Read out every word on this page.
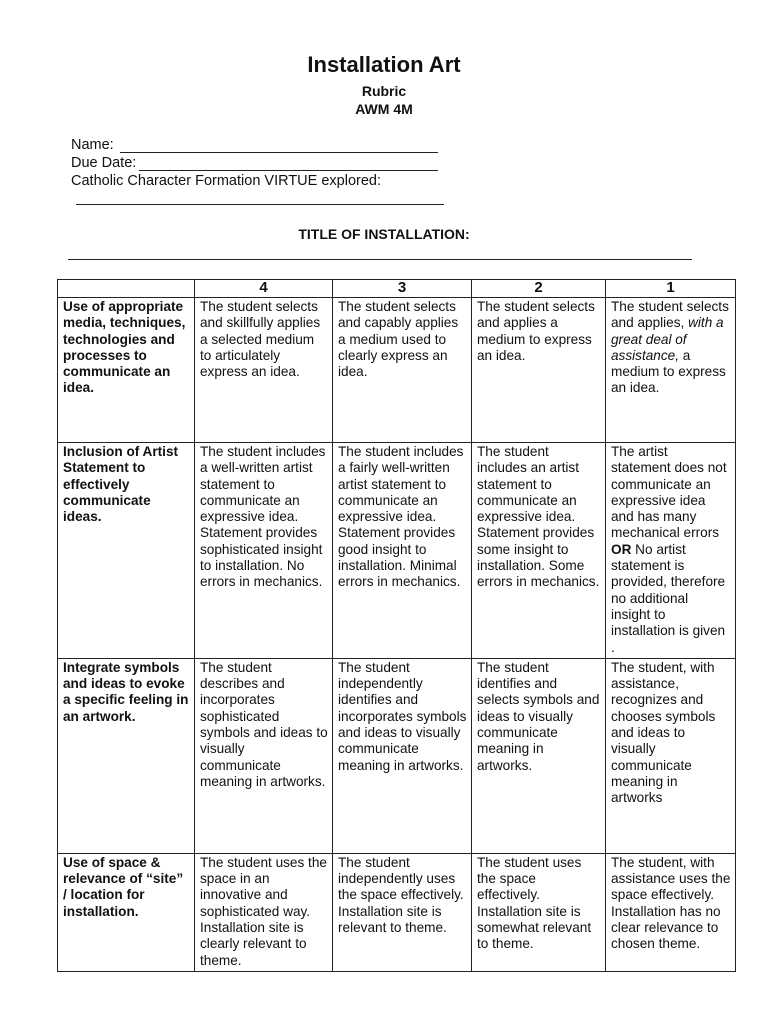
Installation Art
Rubric
AWM 4M
Name:
Due Date:
Catholic Character Formation VIRTUE explored:
TITLE OF INSTALLATION:
	4	3	2	1
Use of appropriate media, techniques, technologies and processes to communicate an idea.	The student selects and skillfully applies a selected medium to articulately express an idea.	The student selects and capably applies a medium used to clearly express an idea.	The student selects and applies a medium to express an idea.	The student selects and applies, with a great deal of assistance, a medium to express an idea.
Inclusion of Artist Statement to effectively communicate ideas.	The student includes a well-written artist statement to communicate an expressive idea. Statement provides sophisticated insight to installation. No errors in mechanics.	The student includes a fairly well-written artist statement to communicate an expressive idea. Statement provides good insight to installation. Minimal errors in mechanics.	The student includes an artist statement to communicate an expressive idea. Statement provides some insight to installation. Some errors in mechanics.	The artist statement does not communicate an expressive idea and has many mechanical errors OR No artist statement is provided, therefore no additional insight to installation is given .
Integrate symbols and ideas to evoke a specific feeling in an artwork.	The student describes and incorporates sophisticated symbols and ideas to visually communicate meaning in artworks.	The student independently identifies and incorporates symbols and ideas to visually communicate meaning in artworks.	The student identifies and selects symbols and ideas to visually communicate meaning in artworks.	The student, with assistance, recognizes and chooses symbols and ideas to visually communicate meaning in artworks
Use of space & relevance of “site” / location for installation.	The student uses the space in an innovative and sophisticated way. Installation site is clearly relevant to theme.	The student independently uses the space effectively. Installation site is relevant to theme.	The student uses the space effectively. Installation site is somewhat relevant to theme.	The student, with assistance uses the space effectively. Installation has no clear relevance to chosen theme.
